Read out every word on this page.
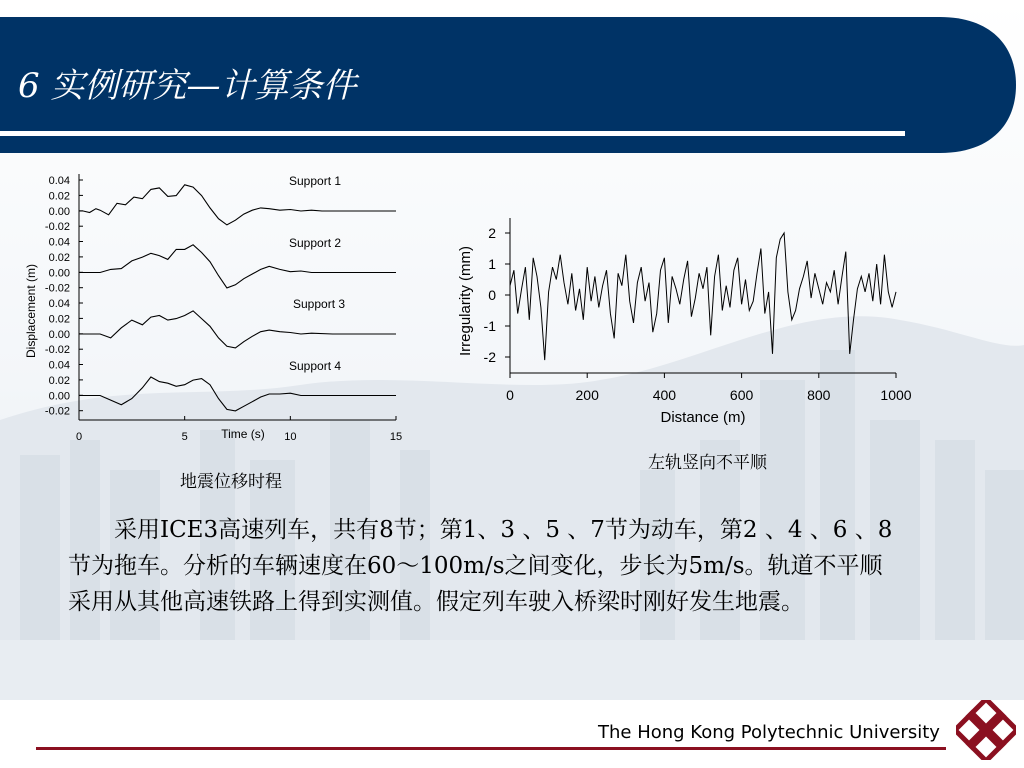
6 实例研究—计算条件
0.04
0.02
0.00
-0.02
0.04
0.02
0.00
-0.02
0.04
0.02
0.00
-0.02
0.04
0.02
0.00
-0.02
0	5	10	15
Time (s)
Displacement (m)
Support 1
Support 2
Support 3
Support 4
地震位移时程
2
1
0
-1
-2
0	200	400	600	800	1000
Distance (m)
Irregularity (mm)
左轨竖向不平顺
采用ICE3高速列车，共有8节；第1、3 、5 、7节为动车，第2 、4 、6 、8节为拖车。分析的车辆速度在60～100m/s之间变化，步长为5m/s。轨道不平顺采用从其他高速铁路上得到实测值。假定列车驶入桥梁时刚好发生地震。
The Hong Kong Polytechnic University
